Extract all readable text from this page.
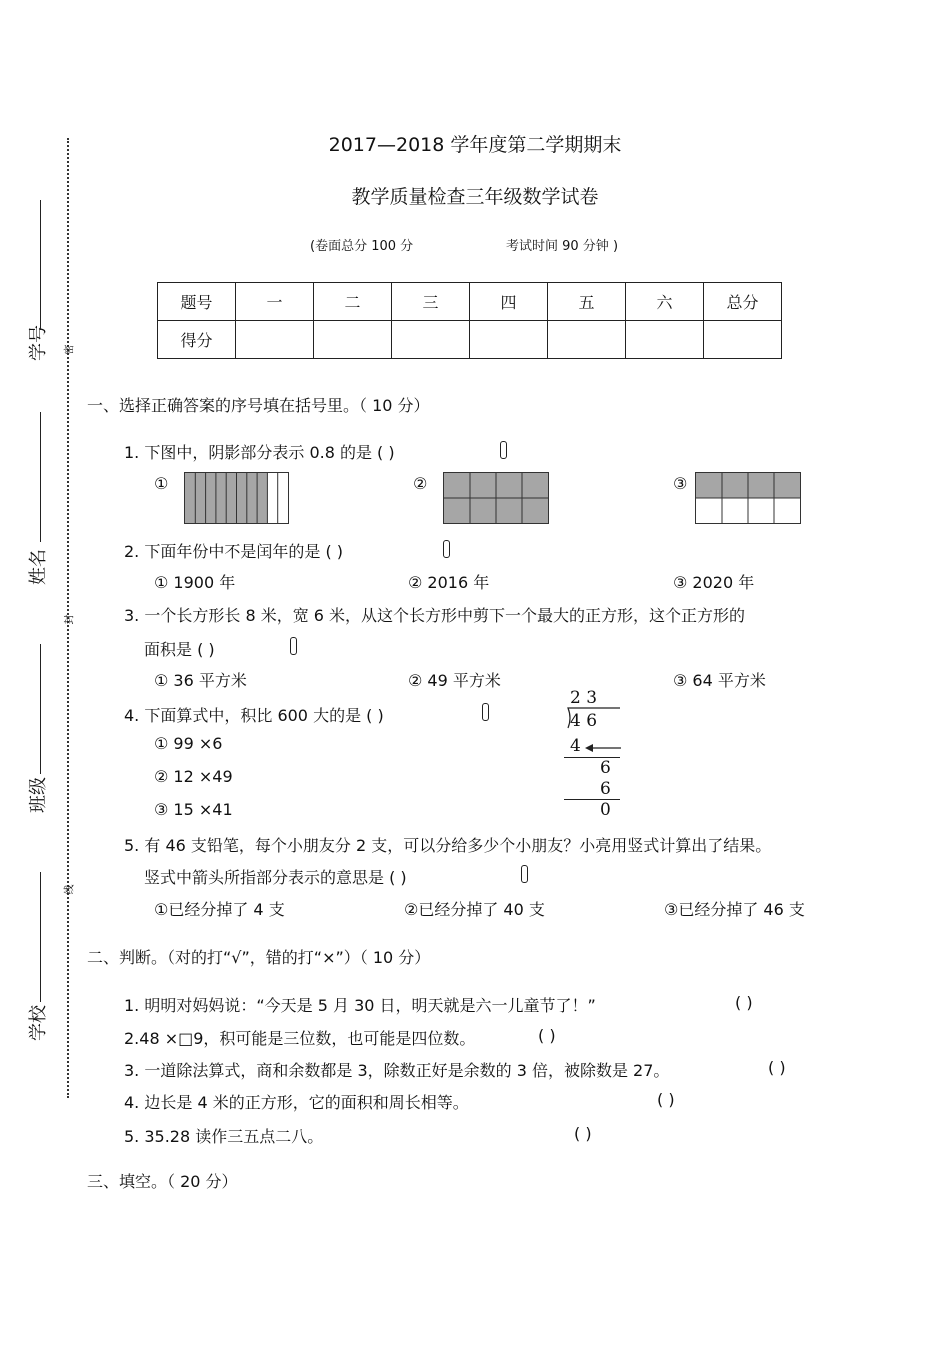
学号
姓名
班级
学校
密
封
线
2017—2018 学年度第二学期期末
教学质量检查三年级数学试卷
(卷面总分 100 分	考试时间 90 分钟 )
题号	一	二	三	四	五	六	总分
得分							
一、选择正确答案的序号填在括号里。（ 10 分）
1. 下图中，阴影部分表示 0.8 的是 ( )
①	②	③
2. 下面年份中不是闰年的是 ( )
① 1900 年	② 2016 年	③ 2020 年
3. 一个长方形长 8 米，宽 6 米，从这个长方形中剪下一个最大的正方形，这个正方形的
面积是 ( )
① 36 平方米	② 49 平方米	③ 64 平方米
4. 下面算式中，积比 600 大的是 ( )
① 99 ×6
② 12 ×49
③ 15 ×41
2 3
4 6
4
6
6
0
5. 有 46 支铅笔，每个小朋友分 2 支，可以分给多少个小朋友？小亮用竖式计算出了结果。
竖式中箭头所指部分表示的意思是 ( )
①已经分掉了 4 支	②已经分掉了 40 支	③已经分掉了 46 支
二、判断。（对的打“√”，错的打“×”）（ 10 分）
1. 明明对妈妈说：“今天是 5 月 30 日，明天就是六一儿童节了！”	( )
2.48 ×□9，积可能是三位数，也可能是四位数。	( )
3. 一道除法算式，商和余数都是 3，除数正好是余数的 3 倍，被除数是 27。	( )
4. 边长是 4 米的正方形，它的面积和周长相等。	( )
5. 35.28 读作三五点二八。	( )
三、填空。（ 20 分）
